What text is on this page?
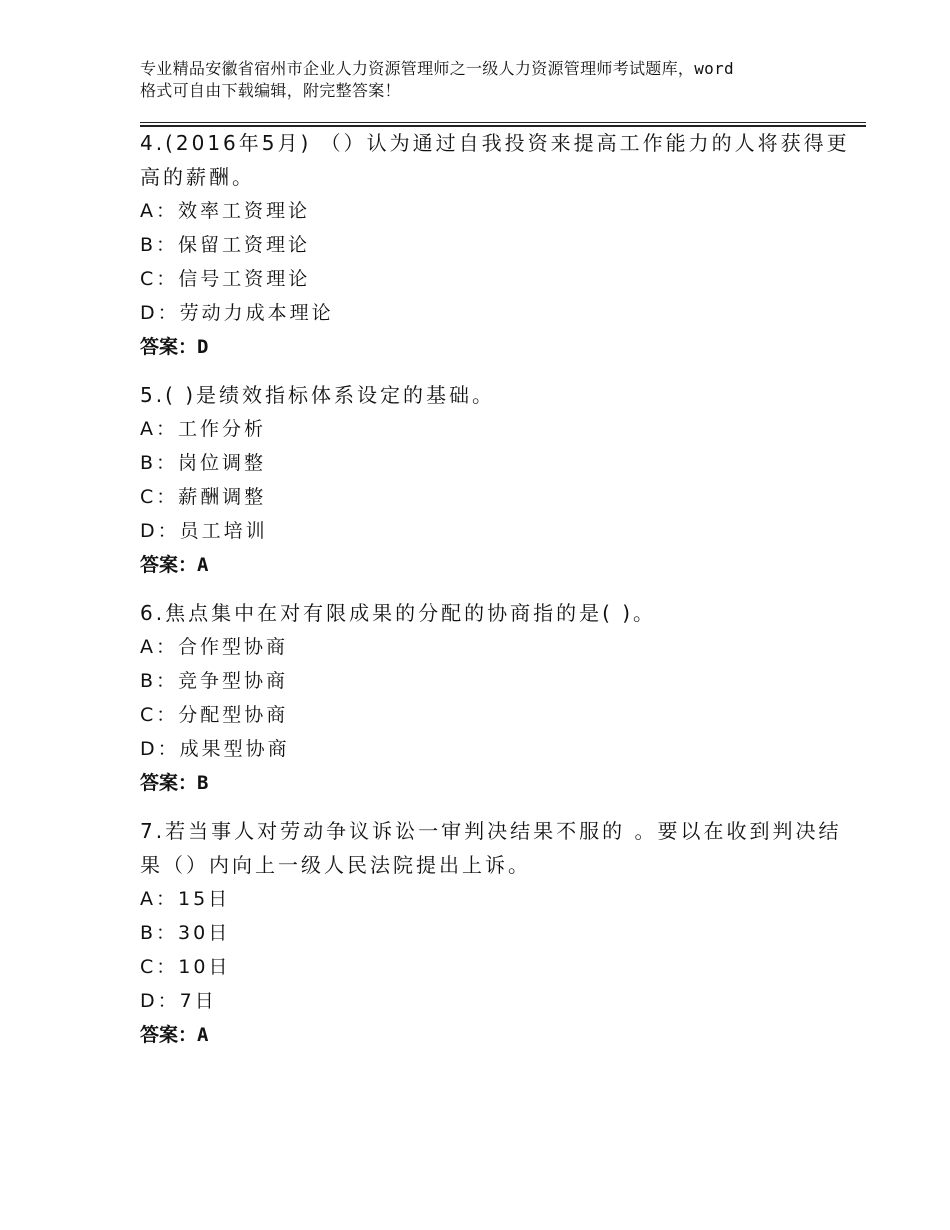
专业精品安徽省宿州市企业人力资源管理师之一级人力资源管理师考试题库，word
格式可自由下载编辑，附完整答案！
4.(2016年5月) （）认为通过自我投资来提高工作能力的人将获得更
高的薪酬。
A：效率工资理论
B：保留工资理论
C：信号工资理论
D：劳动力成本理论
答案：D
5.( )是绩效指标体系设定的基础。
A：工作分析
B：岗位调整
C：薪酬调整
D：员工培训
答案：A
6.焦点集中在对有限成果的分配的协商指的是( )。
A：合作型协商
B：竞争型协商
C：分配型协商
D：成果型协商
答案：B
7.若当事人对劳动争议诉讼一审判决结果不服的 。要以在收到判决结
果（）内向上一级人民法院提出上诉。
A：15日
B：30日
C：10日
D：7日
答案：A
